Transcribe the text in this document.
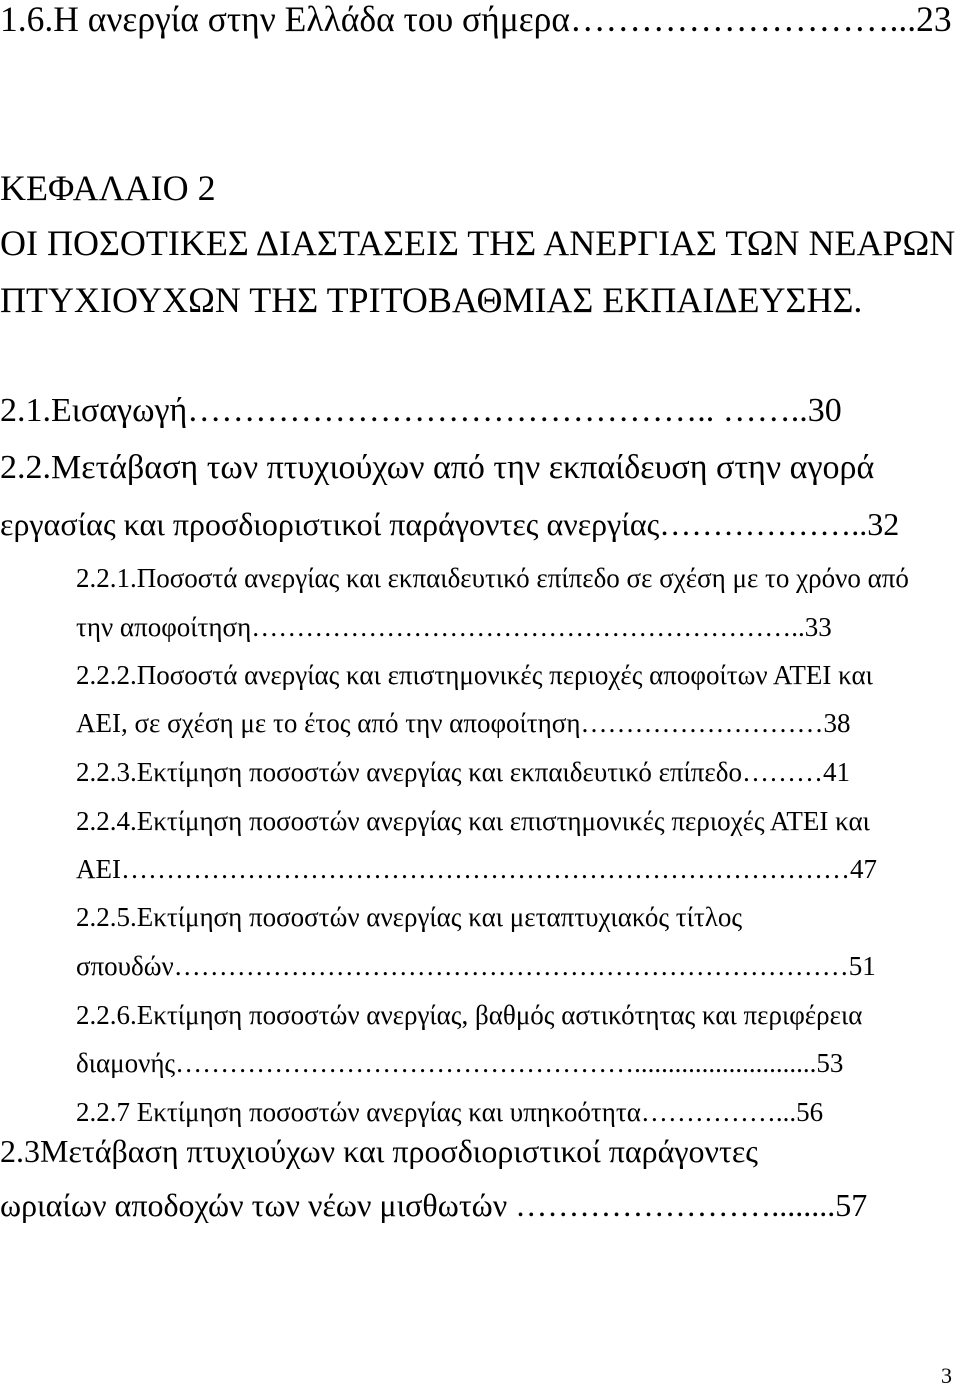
1.6.Η ανεργία στην Ελλάδα του σήμερα………………………...23

ΚΕΦΑΛΑΙΟ 2

ΟΙ ΠΟΣΟΤΙΚΕΣ ΔΙΑΣΤΑΣΕΙΣ ΤΗΣ ΑΝΕΡΓΙΑΣ ΤΩΝ ΝΕΑΡΩΝ

ΠΤΥΧΙΟΥΧΩΝ ΤΗΣ ΤΡΙΤΟΒΑΘΜΙΑΣ ΕΚΠΑΙΔΕΥΣΗΣ.

2.1.Εισαγωγή……………………………………….. ……..30

2.2.Μετάβαση των πτυχιούχων από την εκπαίδευση στην αγορά

εργασίας και προσδιοριστικοί παράγοντες ανεργίας………………..32

2.2.1.Ποσοστά ανεργίας και εκπαιδευτικό επίπεδο σε σχέση με το χρόνο από

την αποφοίτηση……………………………………………………..33

2.2.2.Ποσοστά ανεργίας και επιστημονικές περιοχές αποφοίτων ΑΤΕΙ και

ΑΕΙ, σε σχέση με το έτος από την αποφοίτηση………………………38

2.2.3.Εκτίμηση ποσοστών ανεργίας και εκπαιδευτικό επίπεδο………41

2.2.4.Εκτίμηση ποσοστών ανεργίας και επιστημονικές περιοχές ΑΤΕΙ και

ΑΕΙ………………………………………………………………………47

2.2.5.Εκτίμηση ποσοστών ανεργίας και μεταπτυχιακός τίτλος

σπουδών…………………………………………………………………51

2.2.6.Εκτίμηση ποσοστών ανεργίας, βαθμός αστικότητας και περιφέρεια

διαμονής……………………………………………...........................53

2.2.7 Εκτίμηση ποσοστών ανεργίας και υπηκοότητα……………...56

2.3Μετάβαση πτυχιούχων και προσδιοριστικοί παράγοντες

ωριαίων αποδοχών των νέων μισθωτών ……………………........57

3
